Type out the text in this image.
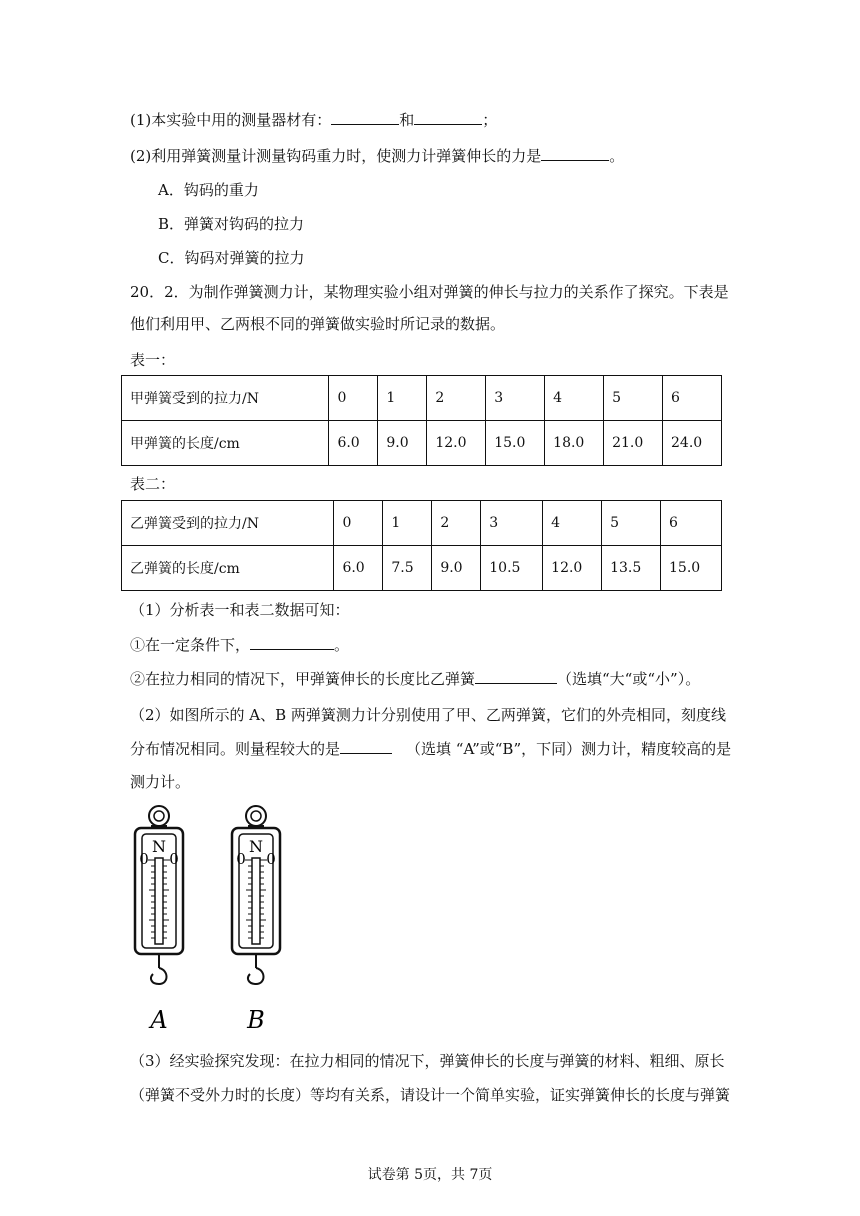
(1)本实验中用的测量器材有：	和	；
(2)利用弹簧测量计测量钩码重力时，使测力计弹簧伸长的力是	。
A．钩码的重力
B．弹簧对钩码的拉力
C．钩码对弹簧的拉力
20．2．为制作弹簧测力计，某物理实验小组对弹簧的伸长与拉力的关系作了探究。下表是
他们利用甲、乙两根不同的弹簧做实验时所记录的数据。
表一：
甲弹簧受到的拉力/N	0	1	2	3	4	5	6
甲弹簧的长度/cm	6.0	9.0	12.0	15.0	18.0	21.0	24.0
表二：
乙弹簧受到的拉力/N	0	1	2	3	4	5	6
乙弹簧的长度/cm	6.0	7.5	9.0	10.5	12.0	13.5	15.0
（1）分析表一和表二数据可知：
①在一定条件下，	。
②在拉力相同的情况下，甲弹簧伸长的长度比乙弹簧	（选填“大“或“小”）。
（2）如图所示的 A、B 两弹簧测力计分别使用了甲、乙两弹簧，它们的外壳相同，刻度线
分布情况相同。则量程较大的是	（选填 “A”或“B”，下同）测力计，精度较高的是
测力计。
N
0 0
N
0 0
A	B
（3）经实验探究发现：在拉力相同的情况下，弹簧伸长的长度与弹簧的材料、粗细、原长
（弹簧不受外力时的长度）等均有关系，请设计一个简单实验，证实弹簧伸长的长度与弹簧
试卷第 5页，共 7页
